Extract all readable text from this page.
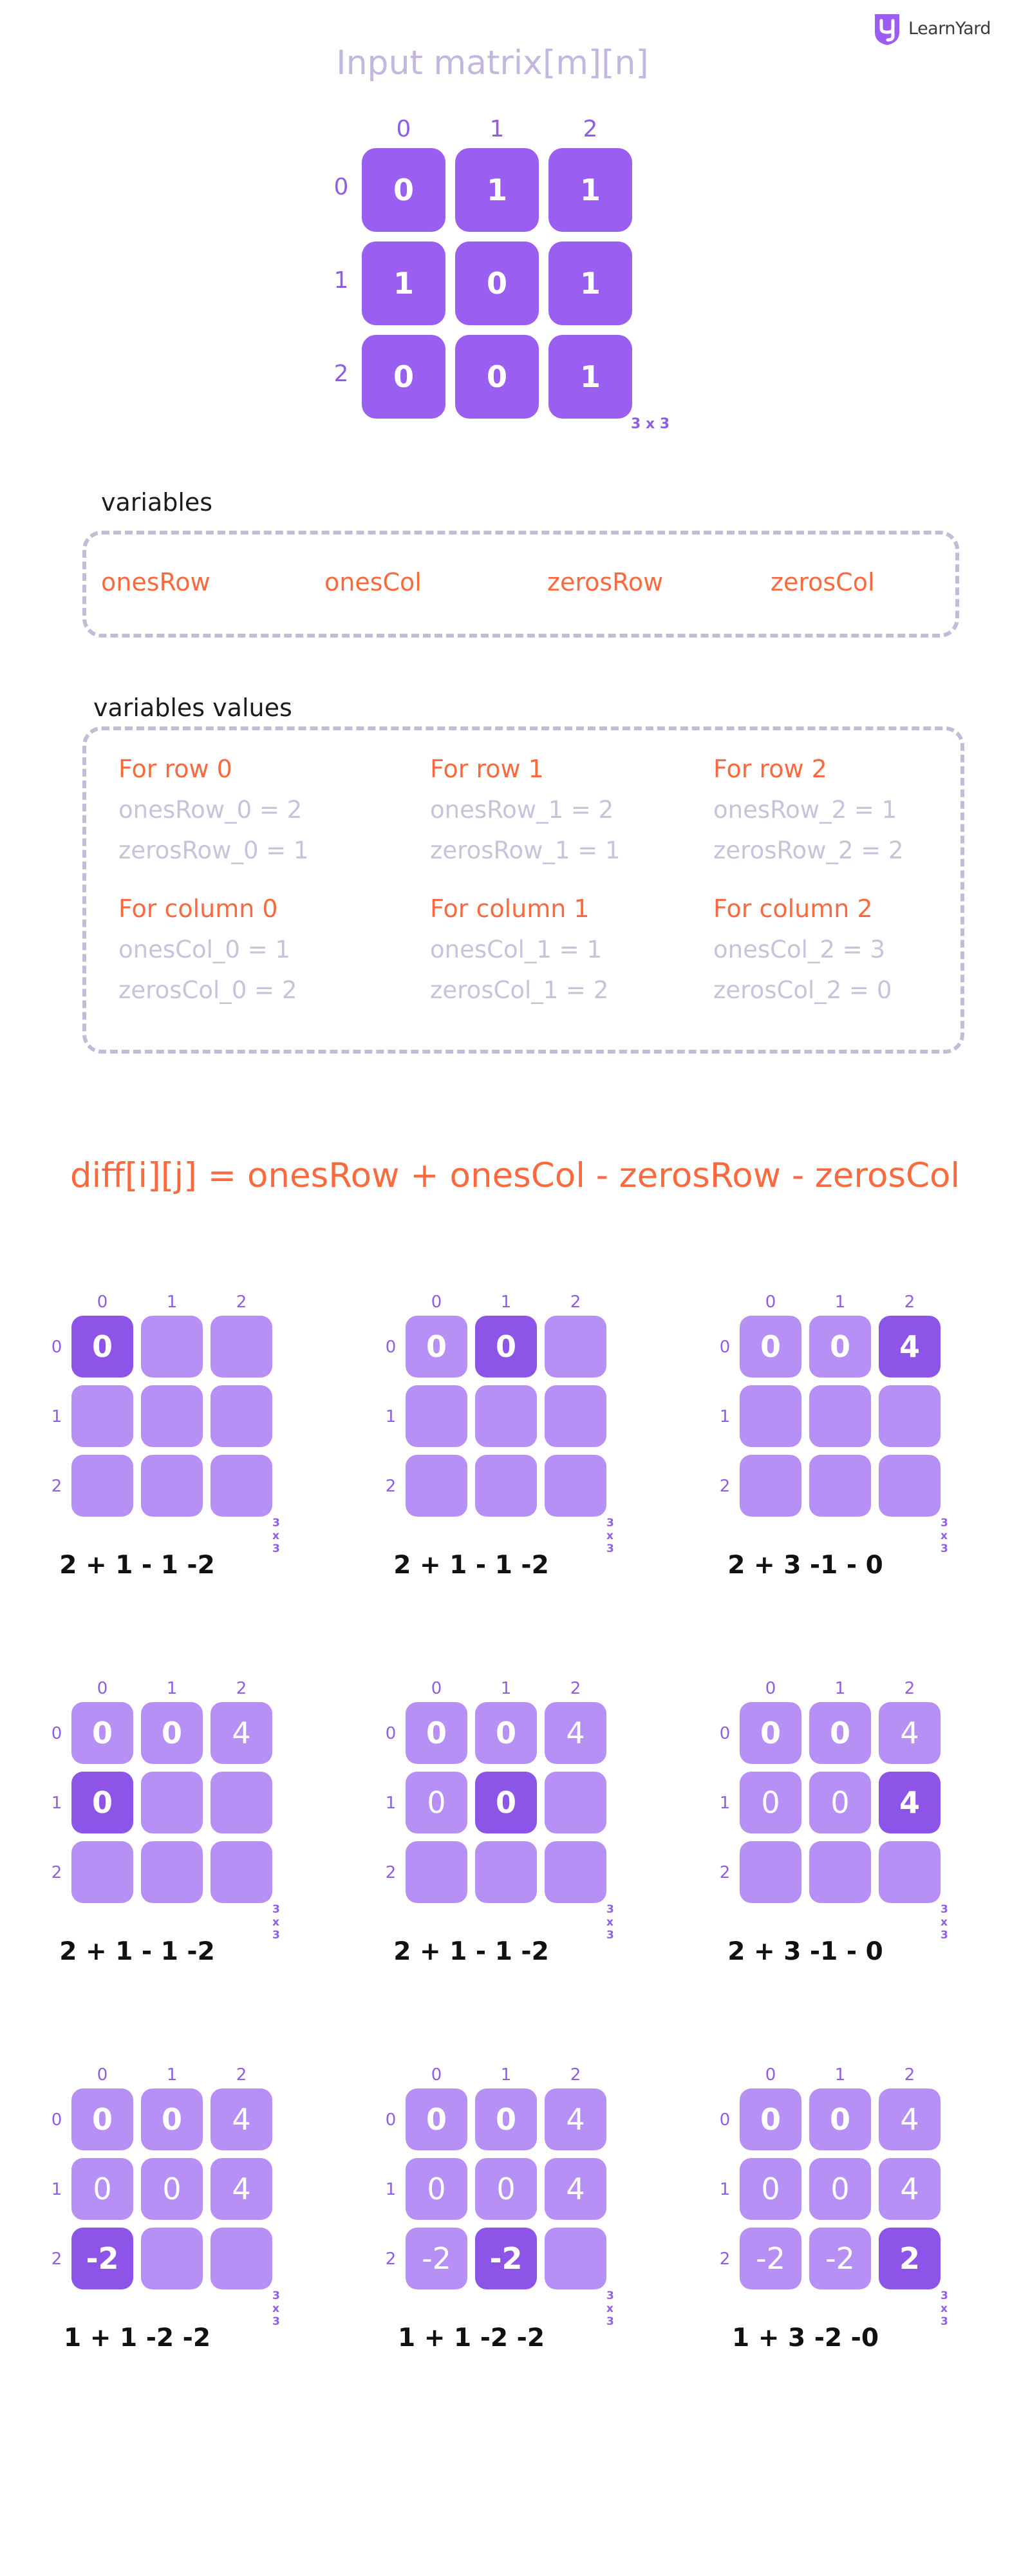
LearnYard
Input matrix[m][n]
0	1	2
0
1
2
0	1	1
1	0	1
0	0	1
3 x 3
variables
onesRow	onesCol	zerosRow	zerosCol
variables values
For row 0
onesRow_0 = 2
zerosRow_0 = 1
For row 1
onesRow_1 = 2
zerosRow_1 = 1
For row 2
onesRow_2 = 1
zerosRow_2 = 2
For column 0
onesCol_0 = 1
zerosCol_0 = 2
For column 1
onesCol_1 = 1
zerosCol_1 = 2
For column 2
onesCol_2 = 3
zerosCol_2 = 0
diff[i][j] = onesRow + onesCol - zerosRow - zerosCol
0	1	2
0
1
2
0
3 x 3
2 + 1 - 1 -2
0	1	2
0
1
2
0	0
3 x 3
2 + 1 - 1 -2
0	1	2
0
1
2
0	0	4
3 x 3
2 + 3 -1 - 0
0	1	2
0
1
2
0	0	4
0
3 x 3
2 + 1 - 1 -2
0	1	2
0
1
2
0	0	4
0	0
3 x 3
2 + 1 - 1 -2
0	1	2
0
1
2
0	0	4
0	0	4
3 x 3
2 + 3 -1 - 0
0	1	2
0
1
2
0	0	4
0	0	4
-2
3 x 3
1 + 1 -2 -2
0	1	2
0
1
2
0	0	4
0	0	4
-2	-2
3 x 3
1 + 1 -2 -2
0	1	2
0
1
2
0	0	4
0	0	4
-2	-2	2
3 x 3
1 + 3 -2 -0
